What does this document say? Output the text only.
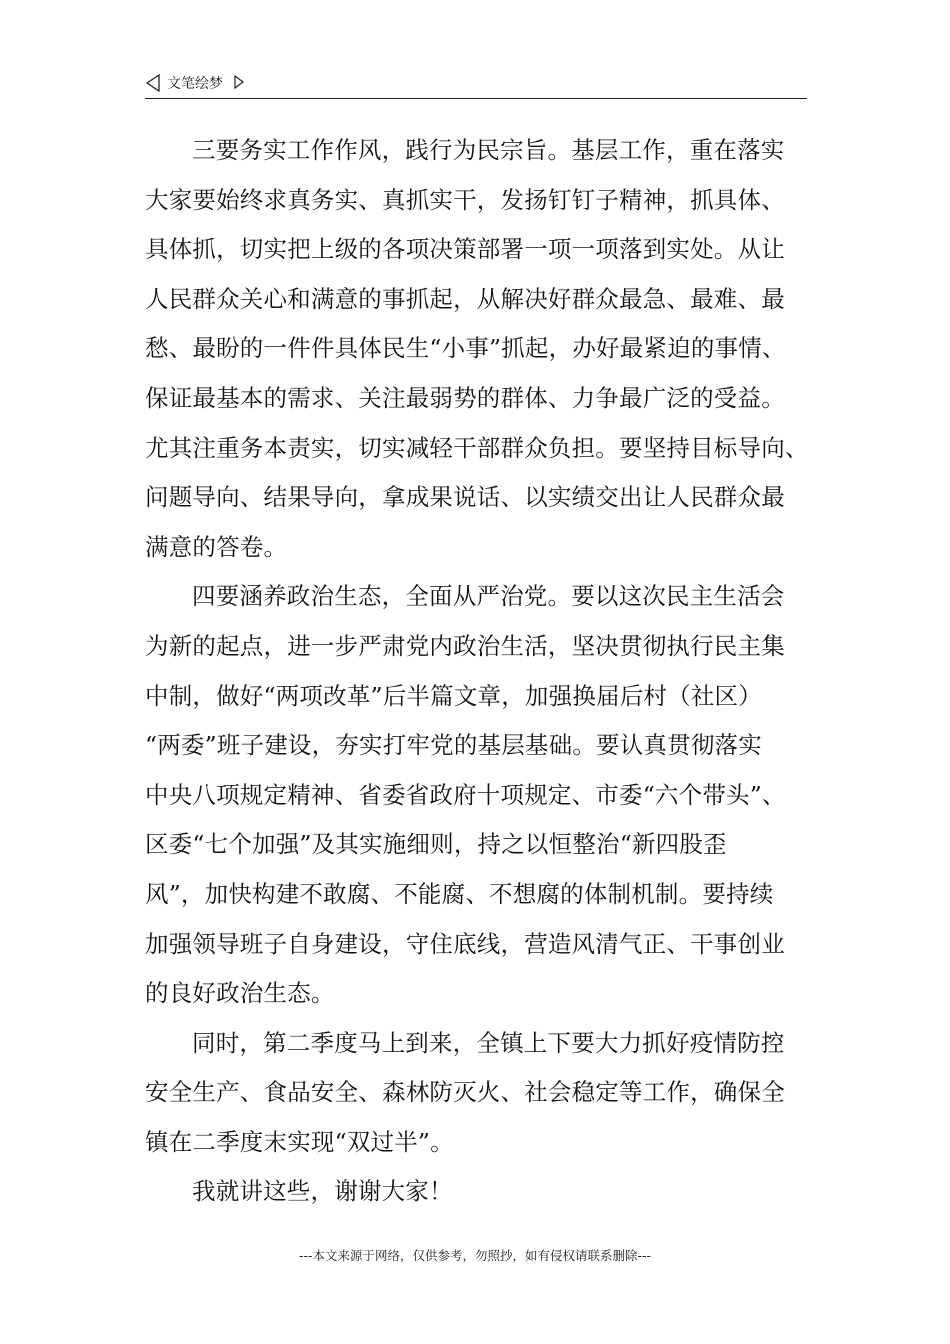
文笔绘梦

三要务实工作作风，践行为民宗旨。基层工作，重在落实
大家要始终求真务实、真抓实干，发扬钉钉子精神，抓具体、
具体抓，切实把上级的各项决策部署一项一项落到实处。从让
人民群众关心和满意的事抓起，从解决好群众最急、最难、最
愁、最盼的一件件具体民生“小事”抓起，办好最紧迫的事情、
保证最基本的需求、关注最弱势的群体、力争最广泛的受益。
尤其注重务本责实，切实减轻干部群众负担。要坚持目标导向、
问题导向、结果导向，拿成果说话、以实绩交出让人民群众最
满意的答卷。

四要涵养政治生态，全面从严治党。要以这次民主生活会
为新的起点，进一步严肃党内政治生活，坚决贯彻执行民主集
中制，做好“两项改革”后半篇文章，加强换届后村（社区）
“两委”班子建设，夯实打牢党的基层基础。要认真贯彻落实
中央八项规定精神、省委省政府十项规定、市委“六个带头”、
区委“七个加强”及其实施细则，持之以恒整治“新四股歪
风”，加快构建不敢腐、不能腐、不想腐的体制机制。要持续
加强领导班子自身建设，守住底线，营造风清气正、干事创业
的良好政治生态。

同时，第二季度马上到来，全镇上下要大力抓好疫情防控
安全生产、食品安全、森林防灭火、社会稳定等工作，确保全
镇在二季度末实现“双过半”。

我就讲这些，谢谢大家！

---本文来源于网络，仅供参考，勿照抄，如有侵权请联系删除---
